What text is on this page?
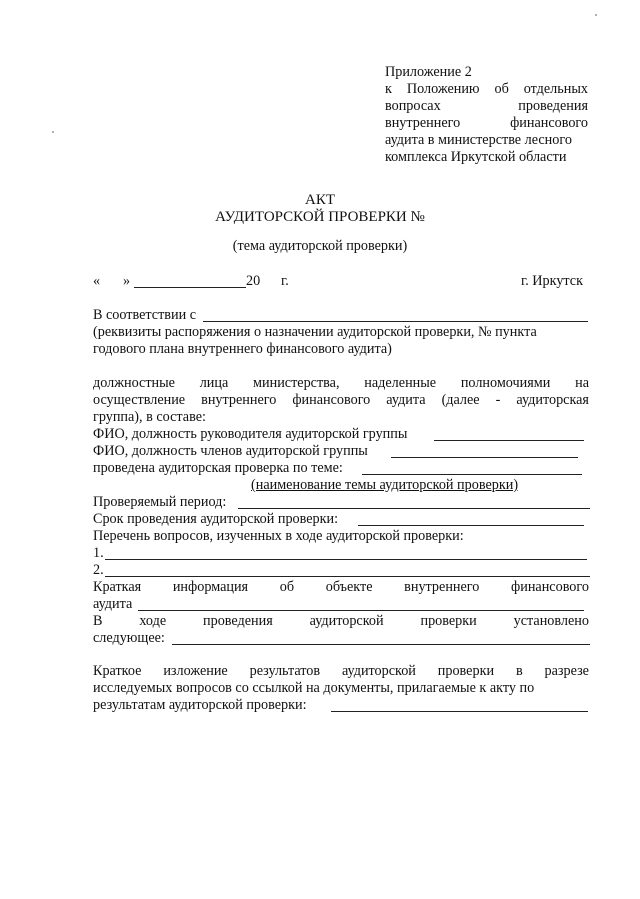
Приложение 2
к Положению об отдельных
вопросах	проведения
внутреннего	финансового
аудита в министерстве лесного
комплекса Иркутской области
АКТ
АУДИТОРСКОЙ ПРОВЕРКИ №
(тема аудиторской проверки)
« »	20 г.	г. Иркутск
В соответствии с
(реквизиты распоряжения о назначении аудиторской проверки, № пункта
годового плана внутреннего финансового аудита)
должностные лица министерства, наделенные полномочиями на
осуществление внутреннего финансового аудита (далее - аудиторская
группа), в составе:
ФИО, должность руководителя аудиторской группы
ФИО, должность членов аудиторской группы
проведена аудиторская проверка по теме:
(наименование темы аудиторской проверки)
Проверяемый период:
Срок проведения аудиторской проверки:
Перечень вопросов, изученных в ходе аудиторской проверки:
1.
2.
Краткая информация об объекте внутреннего финансового
аудита
В	ходе	проведения	аудиторской	проверки	установлено
следующее:
Краткое изложение результатов аудиторской проверки в разрезе
исследуемых вопросов со ссылкой на документы, прилагаемые к акту по
результатам аудиторской проверки:
